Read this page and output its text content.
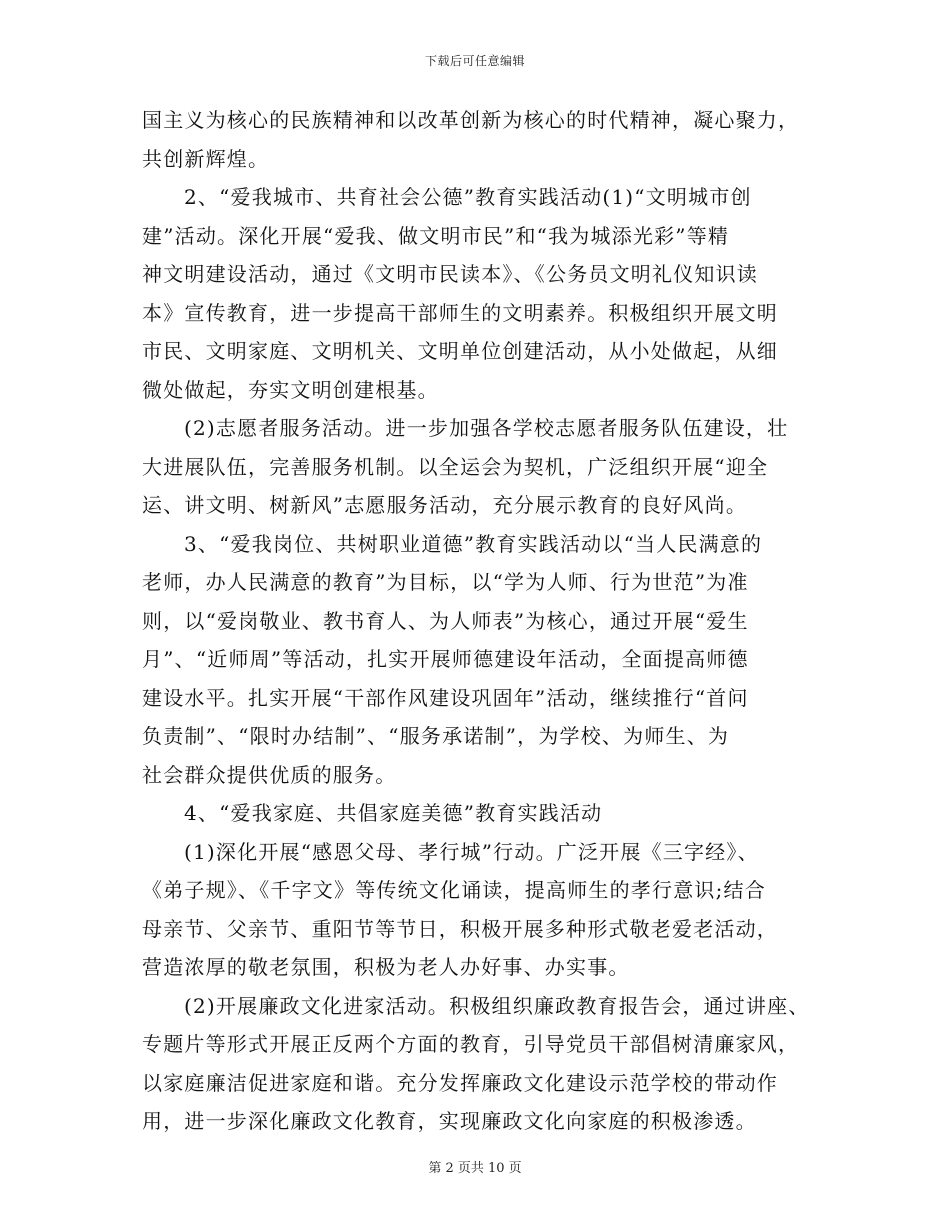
下载后可任意编辑
国主义为核心的民族精神和以改革创新为核心的时代精神，凝心聚力，
共创新辉煌。
2、“爱我城市、共育社会公德”教育实践活动(1)“文明城市创
建”活动。深化开展“爱我、做文明市民”和“我为城添光彩”等精
神文明建设活动，通过《文明市民读本》、《公务员文明礼仪知识读
本》宣传教育，进一步提高干部师生的文明素养。积极组织开展文明
市民、文明家庭、文明机关、文明单位创建活动，从小处做起，从细
微处做起，夯实文明创建根基。
(2)志愿者服务活动。进一步加强各学校志愿者服务队伍建设，壮
大进展队伍，完善服务机制。以全运会为契机，广泛组织开展“迎全
运、讲文明、树新风”志愿服务活动，充分展示教育的良好风尚。
3、“爱我岗位、共树职业道德”教育实践活动以“当人民满意的
老师，办人民满意的教育”为目标，以“学为人师、行为世范”为准
则，以“爱岗敬业、教书育人、为人师表”为核心，通过开展“爱生
月”、“近师周”等活动，扎实开展师德建设年活动，全面提高师德
建设水平。扎实开展“干部作风建设巩固年”活动，继续推行“首问
负责制”、“限时办结制”、“服务承诺制”，为学校、为师生、为
社会群众提供优质的服务。
4、“爱我家庭、共倡家庭美德”教育实践活动
(1)深化开展“感恩父母、孝行城”行动。广泛开展《三字经》、
《弟子规》、《千字文》等传统文化诵读，提高师生的孝行意识;结合
母亲节、父亲节、重阳节等节日，积极开展多种形式敬老爱老活动，
营造浓厚的敬老氛围，积极为老人办好事、办实事。
(2)开展廉政文化进家活动。积极组织廉政教育报告会，通过讲座、
专题片等形式开展正反两个方面的教育，引导党员干部倡树清廉家风，
以家庭廉洁促进家庭和谐。充分发挥廉政文化建设示范学校的带动作
用，进一步深化廉政文化教育，实现廉政文化向家庭的积极渗透。
第 2 页共 10 页
